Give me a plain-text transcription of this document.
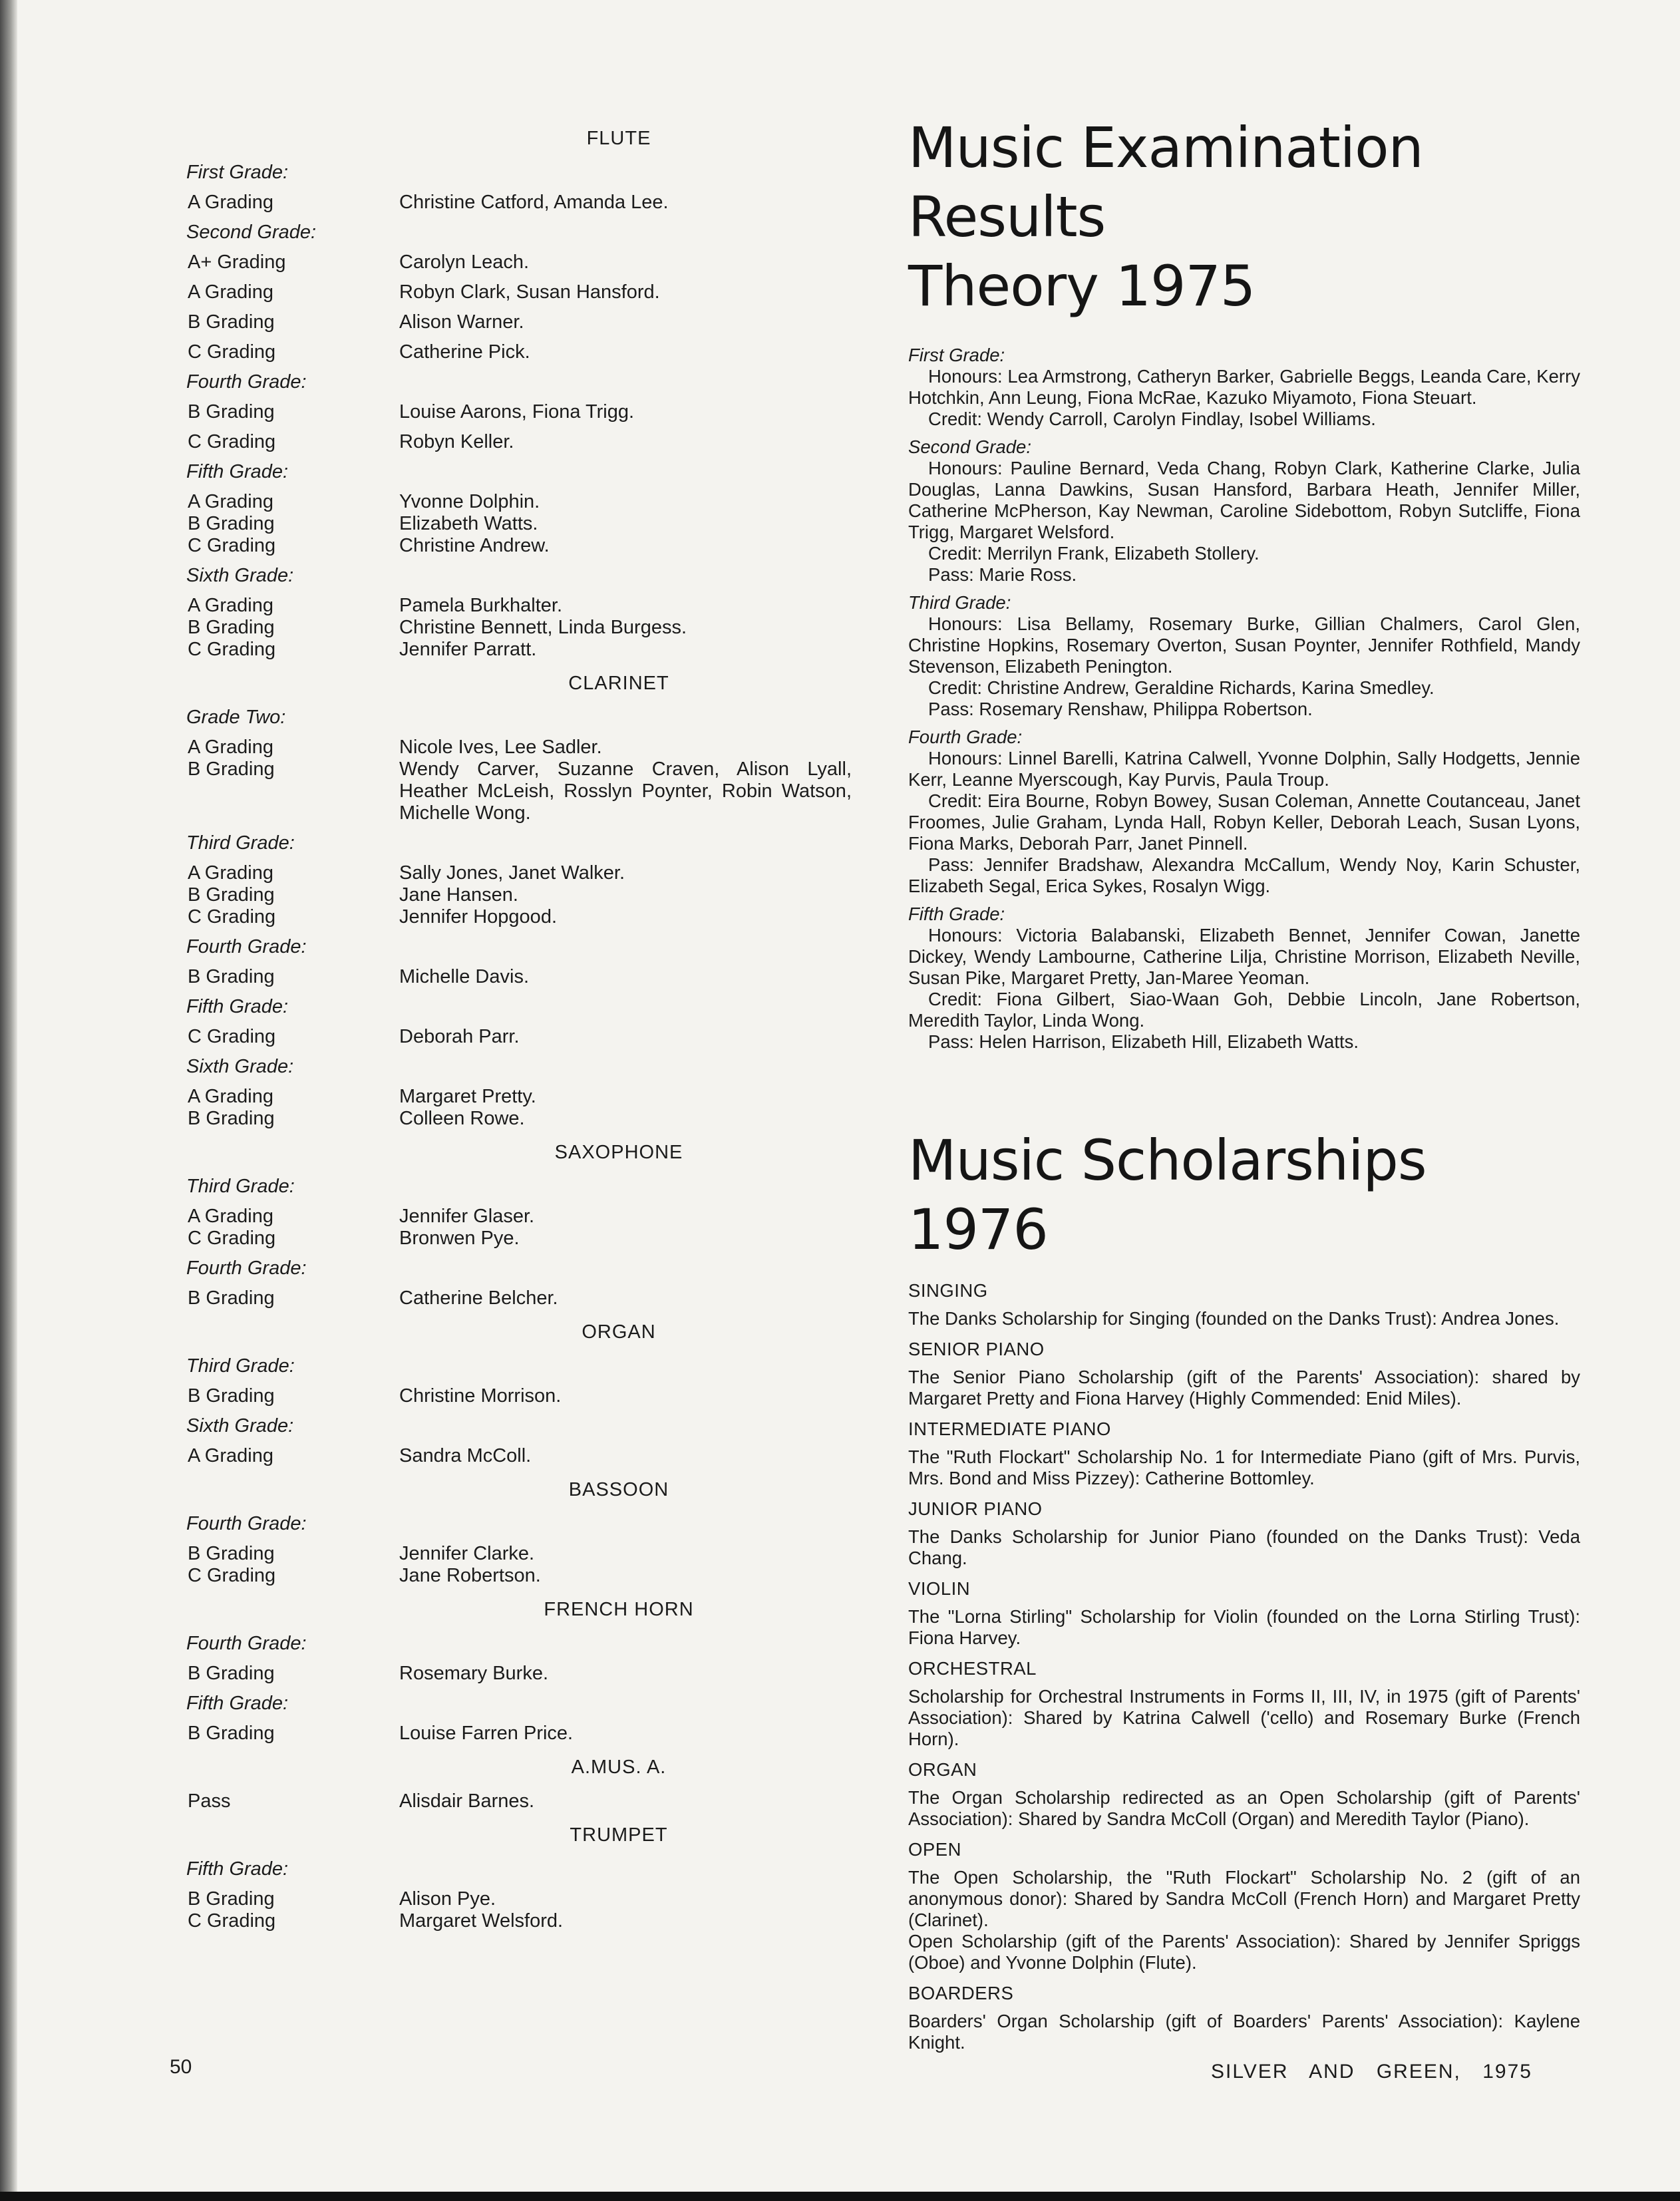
FLUTE
First Grade:
A Grading	Christine Catford, Amanda Lee.
Second Grade:
A+ Grading	Carolyn Leach.
A Grading	Robyn Clark, Susan Hansford.
B Grading	Alison Warner.
C Grading	Catherine Pick.
Fourth Grade:
B Grading	Louise Aarons, Fiona Trigg.
C Grading	Robyn Keller.
Fifth Grade:
A Grading	Yvonne Dolphin.
B Grading	Elizabeth Watts.
C Grading	Christine Andrew.
Sixth Grade:
A Grading	Pamela Burkhalter.
B Grading	Christine Bennett, Linda Burgess.
C Grading	Jennifer Parratt.
CLARINET
Grade Two:
A Grading	Nicole Ives, Lee Sadler.
B Grading	Wendy Carver, Suzanne Craven, Alison Lyall, Heather McLeish, Rosslyn Poynter, Robin Watson, Michelle Wong.
Third Grade:
A Grading	Sally Jones, Janet Walker.
B Grading	Jane Hansen.
C Grading	Jennifer Hopgood.
Fourth Grade:
B Grading	Michelle Davis.
Fifth Grade:
C Grading	Deborah Parr.
Sixth Grade:
A Grading	Margaret Pretty.
B Grading	Colleen Rowe.
SAXOPHONE
Third Grade:
A Grading	Jennifer Glaser.
C Grading	Bronwen Pye.
Fourth Grade:
B Grading	Catherine Belcher.
ORGAN
Third Grade:
B Grading	Christine Morrison.
Sixth Grade:
A Grading	Sandra McColl.
BASSOON
Fourth Grade:
B Grading	Jennifer Clarke.
C Grading	Jane Robertson.
FRENCH HORN
Fourth Grade:
B Grading	Rosemary Burke.
Fifth Grade:
B Grading	Louise Farren Price.
A.MUS. A.
Pass	Alisdair Barnes.
TRUMPET
Fifth Grade:
B Grading	Alison Pye.
C Grading	Margaret Welsford.
Music Examination Results
Theory 1975
First Grade:
Honours: Lea Armstrong, Catheryn Barker, Gabrielle Beggs, Leanda Care, Kerry Hotchkin, Ann Leung, Fiona McRae, Kazuko Miyamoto, Fiona Steuart.
Credit: Wendy Carroll, Carolyn Findlay, Isobel Williams.
Second Grade:
Honours: Pauline Bernard, Veda Chang, Robyn Clark, Katherine Clarke, Julia Douglas, Lanna Dawkins, Susan Hansford, Barbara Heath, Jennifer Miller, Catherine McPherson, Kay Newman, Caroline Sidebottom, Robyn Sutcliffe, Fiona Trigg, Margaret Welsford.
Credit: Merrilyn Frank, Elizabeth Stollery.
Pass: Marie Ross.
Third Grade:
Honours: Lisa Bellamy, Rosemary Burke, Gillian Chalmers, Carol Glen, Christine Hopkins, Rosemary Overton, Susan Poynter, Jennifer Rothfield, Mandy Stevenson, Elizabeth Penington.
Credit: Christine Andrew, Geraldine Richards, Karina Smedley.
Pass: Rosemary Renshaw, Philippa Robertson.
Fourth Grade:
Honours: Linnel Barelli, Katrina Calwell, Yvonne Dolphin, Sally Hodgetts, Jennie Kerr, Leanne Myerscough, Kay Purvis, Paula Troup.
Credit: Eira Bourne, Robyn Bowey, Susan Coleman, Annette Coutanceau, Janet Froomes, Julie Graham, Lynda Hall, Robyn Keller, Deborah Leach, Susan Lyons, Fiona Marks, Deborah Parr, Janet Pinnell.
Pass: Jennifer Bradshaw, Alexandra McCallum, Wendy Noy, Karin Schuster, Elizabeth Segal, Erica Sykes, Rosalyn Wigg.
Fifth Grade:
Honours: Victoria Balabanski, Elizabeth Bennet, Jennifer Cowan, Janette Dickey, Wendy Lambourne, Catherine Lilja, Christine Morrison, Elizabeth Neville, Susan Pike, Margaret Pretty, Jan-Maree Yeoman.
Credit: Fiona Gilbert, Siao-Waan Goh, Debbie Lincoln, Jane Robertson, Meredith Taylor, Linda Wong.
Pass: Helen Harrison, Elizabeth Hill, Elizabeth Watts.
Music Scholarships 1976
SINGING
The Danks Scholarship for Singing (founded on the Danks Trust): Andrea Jones.
SENIOR PIANO
The Senior Piano Scholarship (gift of the Parents' Association): shared by Margaret Pretty and Fiona Harvey (Highly Commended: Enid Miles).
INTERMEDIATE PIANO
The "Ruth Flockart" Scholarship No. 1 for Intermediate Piano (gift of Mrs. Purvis, Mrs. Bond and Miss Pizzey): Catherine Bottomley.
JUNIOR PIANO
The Danks Scholarship for Junior Piano (founded on the Danks Trust): Veda Chang.
VIOLIN
The "Lorna Stirling" Scholarship for Violin (founded on the Lorna Stirling Trust): Fiona Harvey.
ORCHESTRAL
Scholarship for Orchestral Instruments in Forms II, III, IV, in 1975 (gift of Parents' Association): Shared by Katrina Calwell ('cello) and Rosemary Burke (French Horn).
ORGAN
The Organ Scholarship redirected as an Open Scholarship (gift of Parents' Association): Shared by Sandra McColl (Organ) and Meredith Taylor (Piano).
OPEN
The Open Scholarship, the "Ruth Flockart" Scholarship No. 2 (gift of an anonymous donor): Shared by Sandra McColl (French Horn) and Margaret Pretty (Clarinet).
Open Scholarship (gift of the Parents' Association): Shared by Jennifer Spriggs (Oboe) and Yvonne Dolphin (Flute).
BOARDERS
Boarders' Organ Scholarship (gift of Boarders' Parents' Association): Kaylene Knight.
50	SILVER AND GREEN, 1975
